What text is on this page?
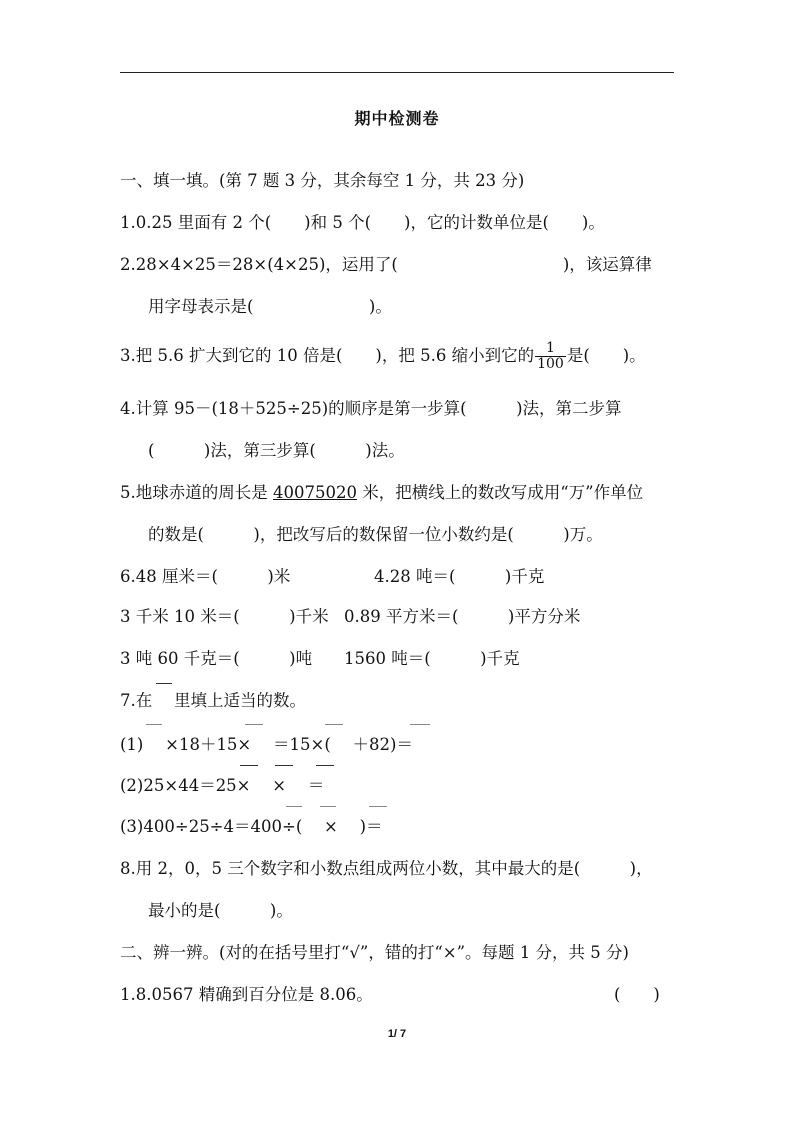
期中检测卷
一、填一填。(第 7 题 3 分，其余每空 1 分，共 23 分)
1.0.25 里面有 2 个(　　)和 5 个(　　)，它的计数单位是(　　)。
2.28×4×25＝28×(4×25)，运用了(　　　　　　　　　　)，该运算律
用字母表示是(　　　　　　　)。
3.把 5.6 扩大到它的 10 倍是(　　)，把 5.6 缩小到它的 $\frac{1}{100}$ 是(　　)。
4.计算 95－(18＋525÷25)的顺序是第一步算(　　　)法，第二步算
(　　　)法，第三步算(　　　)法。
5.地球赤道的周长是 40075020 米，把横线上的数改写成用“万”作单位
的数是(　　　)，把改写后的数保留一位小数约是(　　　)万。
6.48 厘米＝(　　　)米	4.28 吨＝(　　　)千克
3 千米 10 米＝(　　　)千米 0.89 平方米＝(　　　)平方分米
3 吨 60 千克＝(　　　)吨 1560 吨＝(　　　)千克
7.在　 里填上适当的数。
(1)　 ×18＋15×　 ＝15×(　 ＋82)＝
(2)25×44＝25×　 ×　 ＝
(3)400÷25÷4＝400÷(　 ×　 )＝
8.用 2，0，5 三个数字和小数点组成两位小数，其中最大的是(　　　)，
最小的是(　　　)。
二、辨一辨。(对的在括号里打“√”，错的打“×”。每题 1 分，共 5 分)
1.8.0567 精确到百分位是 8.06。	(　　)
1/ 7
